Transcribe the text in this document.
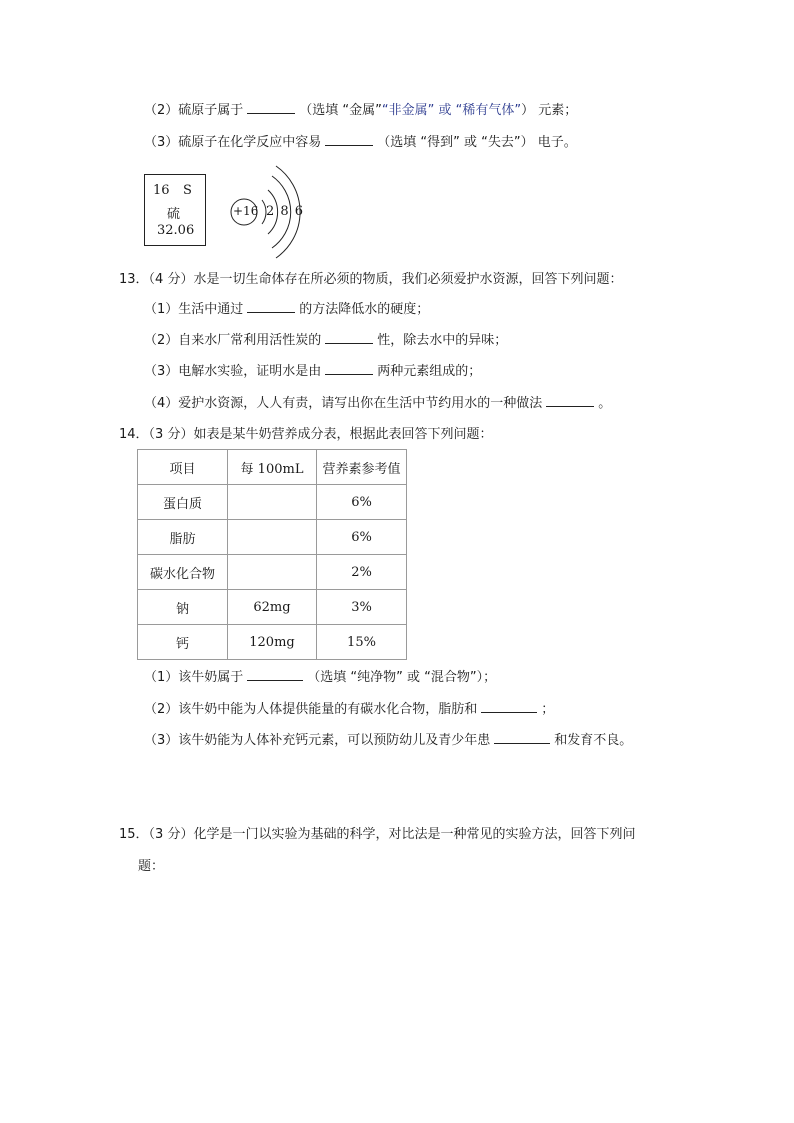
（2）硫原子属于	（选填 “金属”“非金属” 或 “稀有气体”） 元素；
（3）硫原子在化学反应中容易	（选填 “得到” 或 “失去”） 电子。
16 S
硫
32.06
+16 2 8 6
13．（4 分）水是一切生命体存在所必须的物质，我们必须爱护水资源，回答下列问题：
（1）生活中通过	的方法降低水的硬度；
（2）自来水厂常利用活性炭的	性，除去水中的异味；
（3）电解水实验，证明水是由	两种元素组成的；
（4）爱护水资源，人人有责，请写出你在生活中节约用水的一种做法	。
14．（3 分）如表是某牛奶营养成分表，根据此表回答下列问题：
项目	每 100mL	营养素参考值
蛋白质		6%
脂肪		6%
碳水化合物		2%
钠	62mg	3%
钙	120mg	15%
（1）该牛奶属于	（选填 “纯净物” 或 “混合物”）；
（2）该牛奶中能为人体提供能量的有碳水化合物，脂肪和	；
（3）该牛奶能为人体补充钙元素，可以预防幼儿及青少年患	和发育不良。
15．（3 分）化学是一门以实验为基础的科学，对比法是一种常见的实验方法，回答下列问
题：
